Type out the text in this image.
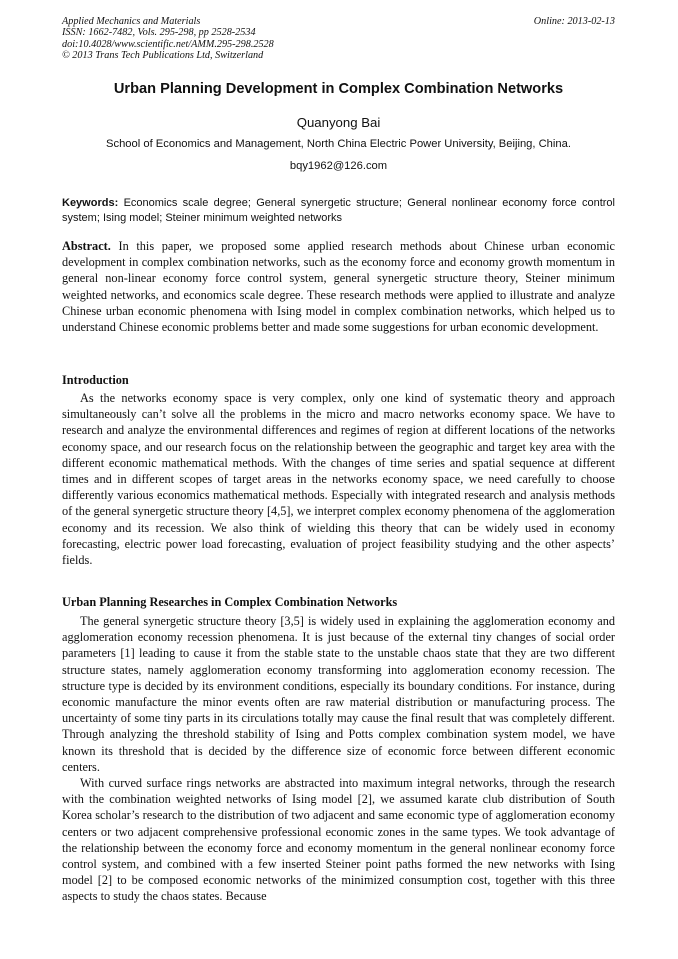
Applied Mechanics and Materials
ISSN: 1662-7482, Vols. 295-298, pp 2528-2534
doi:10.4028/www.scientific.net/AMM.295-298.2528
© 2013 Trans Tech Publications Ltd, Switzerland
Online: 2013-02-13
Urban Planning Development in Complex Combination Networks
Quanyong Bai
School of Economics and Management, North China Electric Power University, Beijing, China.
bqy1962@126.com
Keywords: Economics scale degree; General synergetic structure; General nonlinear economy force control system; Ising model; Steiner minimum weighted networks
Abstract. In this paper, we proposed some applied research methods about Chinese urban economic development in complex combination networks, such as the economy force and economy growth momentum in general non-linear economy force control system, general synergetic structure theory, Steiner minimum weighted networks, and economics scale degree. These research methods were applied to illustrate and analyze Chinese urban economic phenomena with Ising model in complex combination networks, which helped us to understand Chinese economic problems better and made some suggestions for urban economic development.
Introduction
As the networks economy space is very complex, only one kind of systematic theory and approach simultaneously can’t solve all the problems in the micro and macro networks economy space. We have to research and analyze the environmental differences and regimes of region at different locations of the networks economy space, and our research focus on the relationship between the geographic and target key area with the different economic mathematical methods. With the changes of time series and spatial sequence at different times and in different scopes of target areas in the networks economy space, we need carefully to choose differently various economics mathematical methods. Especially with integrated research and analysis methods of the general synergetic structure theory [4,5], we interpret complex economy phenomena of the agglomeration economy and its recession. We also think of wielding this theory that can be widely used in economy forecasting, electric power load forecasting, evaluation of project feasibility studying and the other aspects’ fields.
Urban Planning Researches in Complex Combination Networks

The general synergetic structure theory [3,5] is widely used in explaining the agglomeration economy and agglomeration economy recession phenomena. It is just because of the external tiny changes of social order parameters [1] leading to cause it from the stable state to the unstable chaos state that they are two different structure states, namely agglomeration economy transforming into agglomeration economy recession. The structure type is decided by its environment conditions, especially its boundary conditions. For instance, during economic manufacture the minor events often are raw material distribution or manufacturing process. The uncertainty of some tiny parts in its circulations totally may cause the final result that was completely different. Through analyzing the threshold stability of Ising and Potts complex combination system model, we have known its threshold that is decided by the difference size of economic force between different economic centers.

With curved surface rings networks are abstracted into maximum integral networks, through the research with the combination weighted networks of Ising model [2], we assumed karate club distribution of South Korea scholar’s research to the distribution of two adjacent and same economic type of agglomeration economy centers or two adjacent comprehensive professional economic zones in the same types. We took advantage of the relationship between the economy force and economy momentum in the general nonlinear economy force control system, and combined with a few inserted Steiner point paths formed the new networks with Ising model [2] to be composed economic networks of the minimized consumption cost, together with this three aspects to study the chaos states. Because
